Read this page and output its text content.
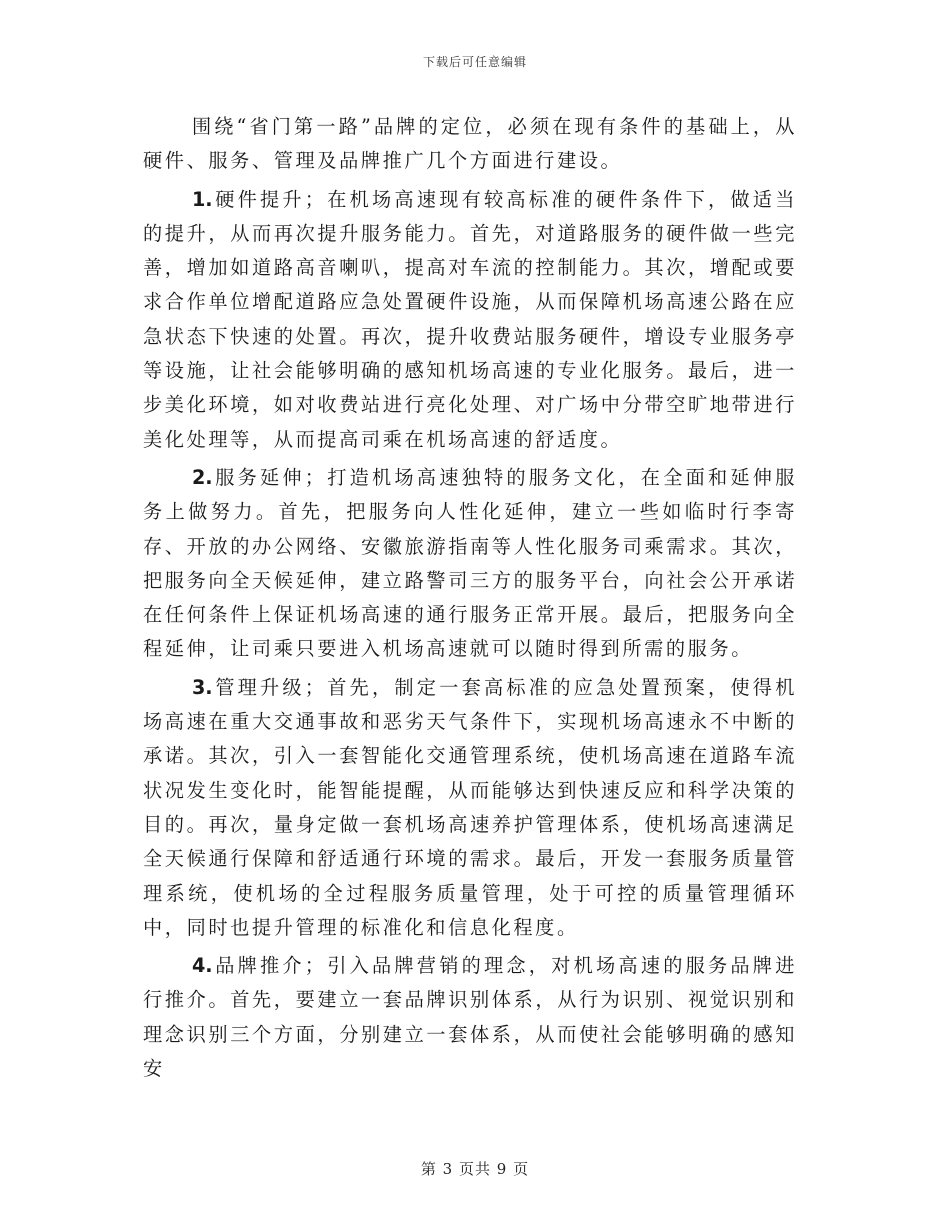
下载后可任意编辑

围绕“省门第一路”品牌的定位，必须在现有条件的基础上，从硬件、服务、管理及品牌推广几个方面进行建设。

1. 硬件提升；在机场高速现有较高标准的硬件条件下，做适当的提升，从而再次提升服务能力。首先，对道路服务的硬件做一些完善，增加如道路高音喇叭，提高对车流的控制能力。其次，增配或要求合作单位增配道路应急处置硬件设施，从而保障机场高速公路在应急状态下快速的处置。再次，提升收费站服务硬件，增设专业服务亭等设施，让社会能够明确的感知机场高速的专业化服务。最后，进一步美化环境，如对收费站进行亮化处理、对广场中分带空旷地带进行美化处理等，从而提高司乘在机场高速的舒适度。

2. 服务延伸；打造机场高速独特的服务文化，在全面和延伸服务上做努力。首先，把服务向人性化延伸，建立一些如临时行李寄存、开放的办公网络、安徽旅游指南等人性化服务司乘需求。其次，把服务向全天候延伸，建立路警司三方的服务平台，向社会公开承诺在任何条件上保证机场高速的通行服务正常开展。最后，把服务向全程延伸，让司乘只要进入机场高速就可以随时得到所需的服务。

3. 管理升级；首先，制定一套高标准的应急处置预案，使得机场高速在重大交通事故和恶劣天气条件下，实现机场高速永不中断的承诺。其次，引入一套智能化交通管理系统，使机场高速在道路车流状况发生变化时，能智能提醒，从而能够达到快速反应和科学决策的目的。再次，量身定做一套机场高速养护管理体系，使机场高速满足全天候通行保障和舒适通行环境的需求。最后，开发一套服务质量管理系统，使机场的全过程服务质量管理，处于可控的质量管理循环中，同时也提升管理的标准化和信息化程度。

4. 品牌推介；引入品牌营销的理念，对机场高速的服务品牌进行推介。首先，要建立一套品牌识别体系，从行为识别、视觉识别和理念识别三个方面，分别建立一套体系，从而使社会能够明确的感知安

第 3 页共 9 页
